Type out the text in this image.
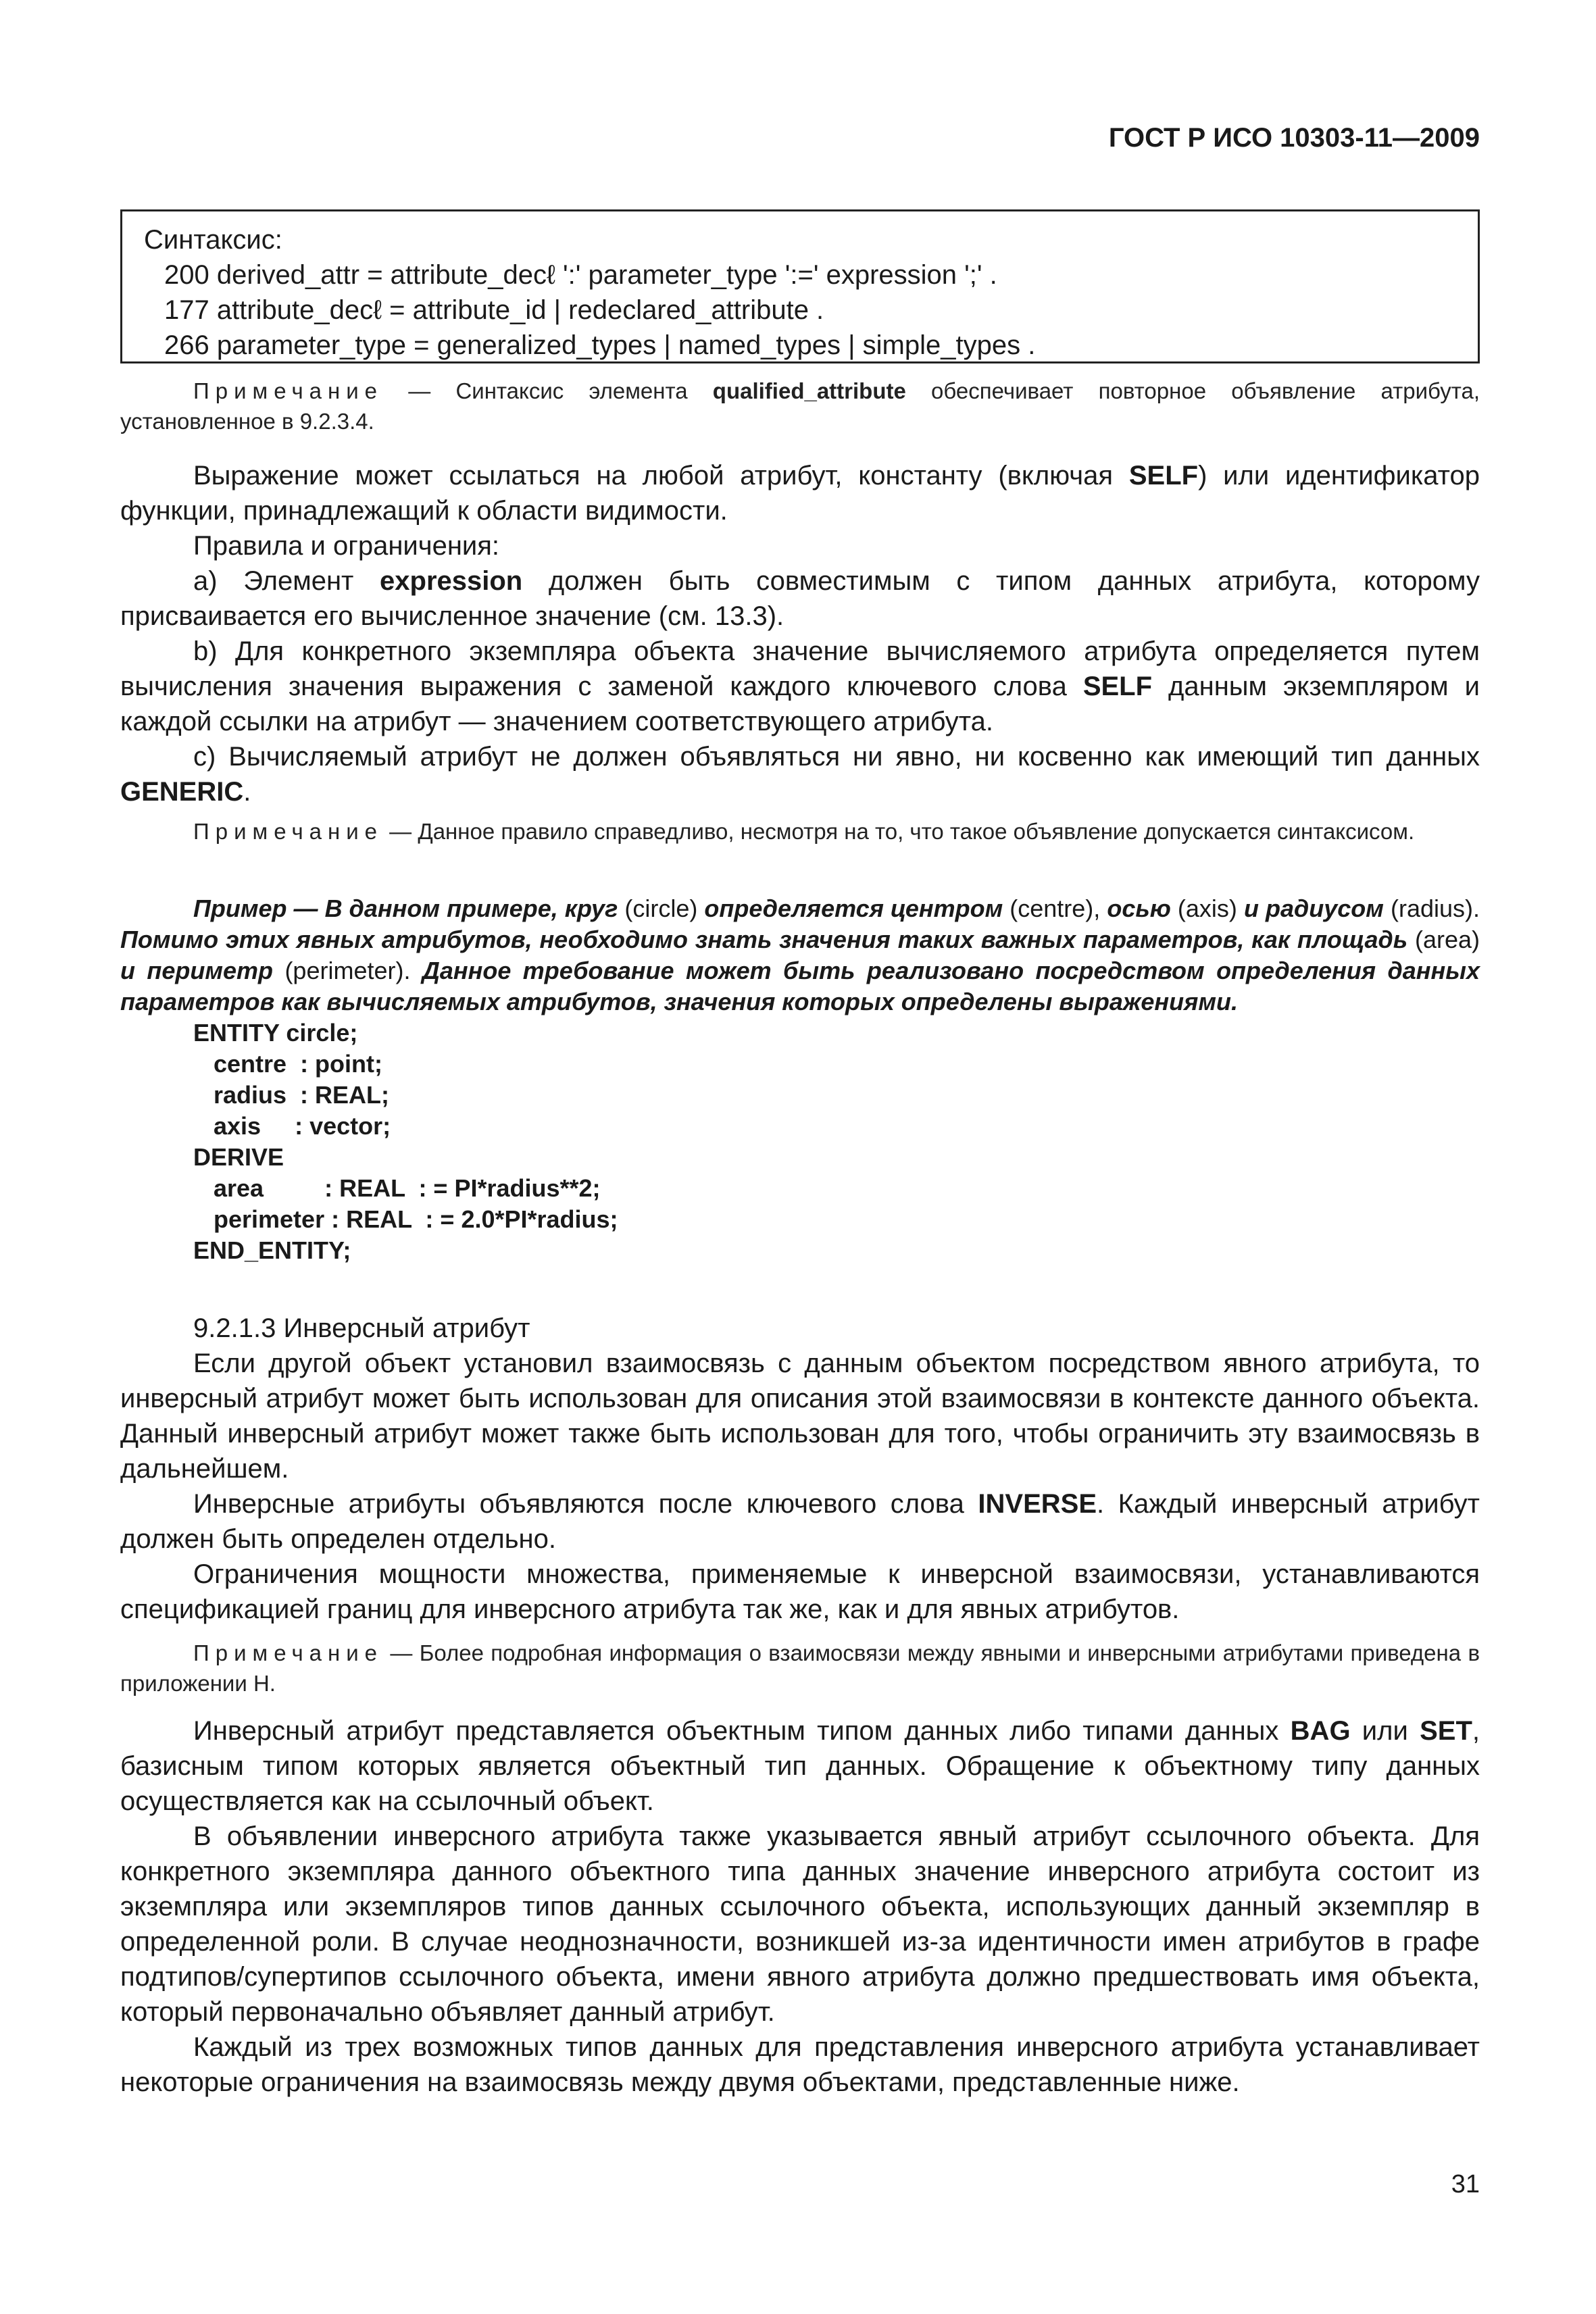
ГОСТ Р ИСО 10303-11—2009
Синтаксис:
200 derived_attr = attribute_decℓ ':' parameter_type ':=' expression ';' .
177 attribute_decℓ = attribute_id | redeclared_attribute .
266 parameter_type = generalized_types | named_types | simple_types .

Примечание — Синтаксис элемента qualified_attribute обеспечивает повторное объявление атрибута, установленное в 9.2.3.4.

Выражение может ссылаться на любой атрибут, константу (включая SELF) или идентификатор функции, принадлежащий к области видимости.

Правила и ограничения:

a) Элемент expression должен быть совместимым с типом данных атрибута, которому присваивается его вычисленное значение (см. 13.3).

b) Для конкретного экземпляра объекта значение вычисляемого атрибута определяется путем вычисления значения выражения с заменой каждого ключевого слова SELF данным экземпляром и каждой ссылки на атрибут — значением соответствующего атрибута.

c) Вычисляемый атрибут не должен объявляться ни явно, ни косвенно как имеющий тип данных GENERIC.

Примечание — Данное правило справедливо, несмотря на то, что такое объявление допускается синтаксисом.

Пример — В данном примере, круг (circle) определяется центром (centre), осью (axis) и радиусом (radius). Помимо этих явных атрибутов, необходимо знать значения таких важных параметров, как площадь (area) и периметр (perimeter). Данное требование может быть реализовано посредством определения данных параметров как вычисляемых атрибутов, значения которых определены выражениями.

ENTITY circle;
centre  : point;
radius  : REAL;
axis     : vector;
DERIVE
area         : REAL  : = PI*radius**2;
perimeter : REAL  : = 2.0*PI*radius;
END_ENTITY;

9.2.1.3 Инверсный атрибут

Если другой объект установил взаимосвязь с данным объектом посредством явного атрибута, то инверсный атрибут может быть использован для описания этой взаимосвязи в контексте данного объекта. Данный инверсный атрибут может также быть использован для того, чтобы ограничить эту взаимосвязь в дальнейшем.

Инверсные атрибуты объявляются после ключевого слова INVERSE. Каждый инверсный атрибут должен быть определен отдельно.

Ограничения мощности множества, применяемые к инверсной взаимосвязи, устанавливаются спецификацией границ для инверсного атрибута так же, как и для явных атрибутов.

Примечание — Более подробная информация о взаимосвязи между явными и инверсными атрибутами приведена в приложении H.

Инверсный атрибут представляется объектным типом данных либо типами данных BAG или SET, базисным типом которых является объектный тип данных. Обращение к объектному типу данных осуществляется как на ссылочный объект.

В объявлении инверсного атрибута также указывается явный атрибут ссылочного объекта. Для конкретного экземпляра данного объектного типа данных значение инверсного атрибута состоит из экземпляра или экземпляров типов данных ссылочного объекта, использующих данный экземпляр в определенной роли. В случае неоднозначности, возникшей из-за идентичности имен атрибутов в графе подтипов/супертипов ссылочного объекта, имени явного атрибута должно предшествовать имя объекта, который первоначально объявляет данный атрибут.

Каждый из трех возможных типов данных для представления инверсного атрибута устанавливает некоторые ограничения на взаимосвязь между двумя объектами, представленные ниже.

31
